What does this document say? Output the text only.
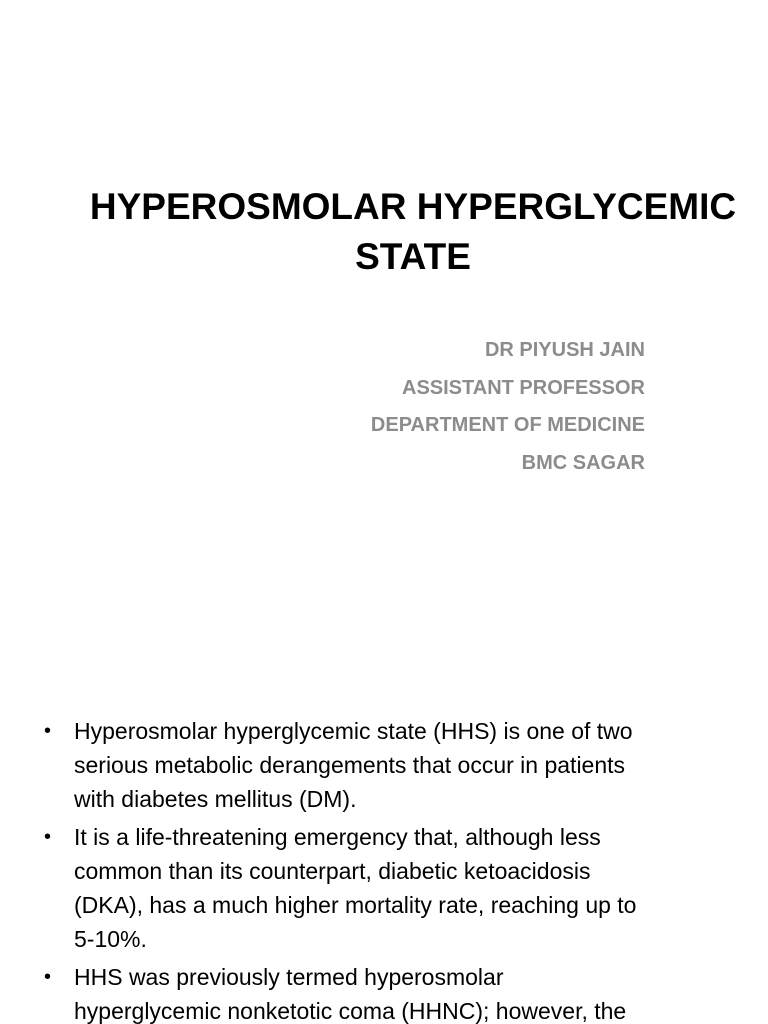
HYPEROSMOLAR HYPERGLYCEMIC
STATE
DR PIYUSH JAIN
ASSISTANT PROFESSOR
DEPARTMENT OF MEDICINE
BMC SAGAR
• Hyperosmolar hyperglycemic state (HHS) is one of two
serious metabolic derangements that occur in patients
with diabetes mellitus (DM).
• It is a life-threatening emergency that, although less
common than its counterpart, diabetic ketoacidosis
(DKA), has a much higher mortality rate, reaching up to
5-10%.
• HHS was previously termed hyperosmolar
hyperglycemic nonketotic coma (HHNC); however, the
